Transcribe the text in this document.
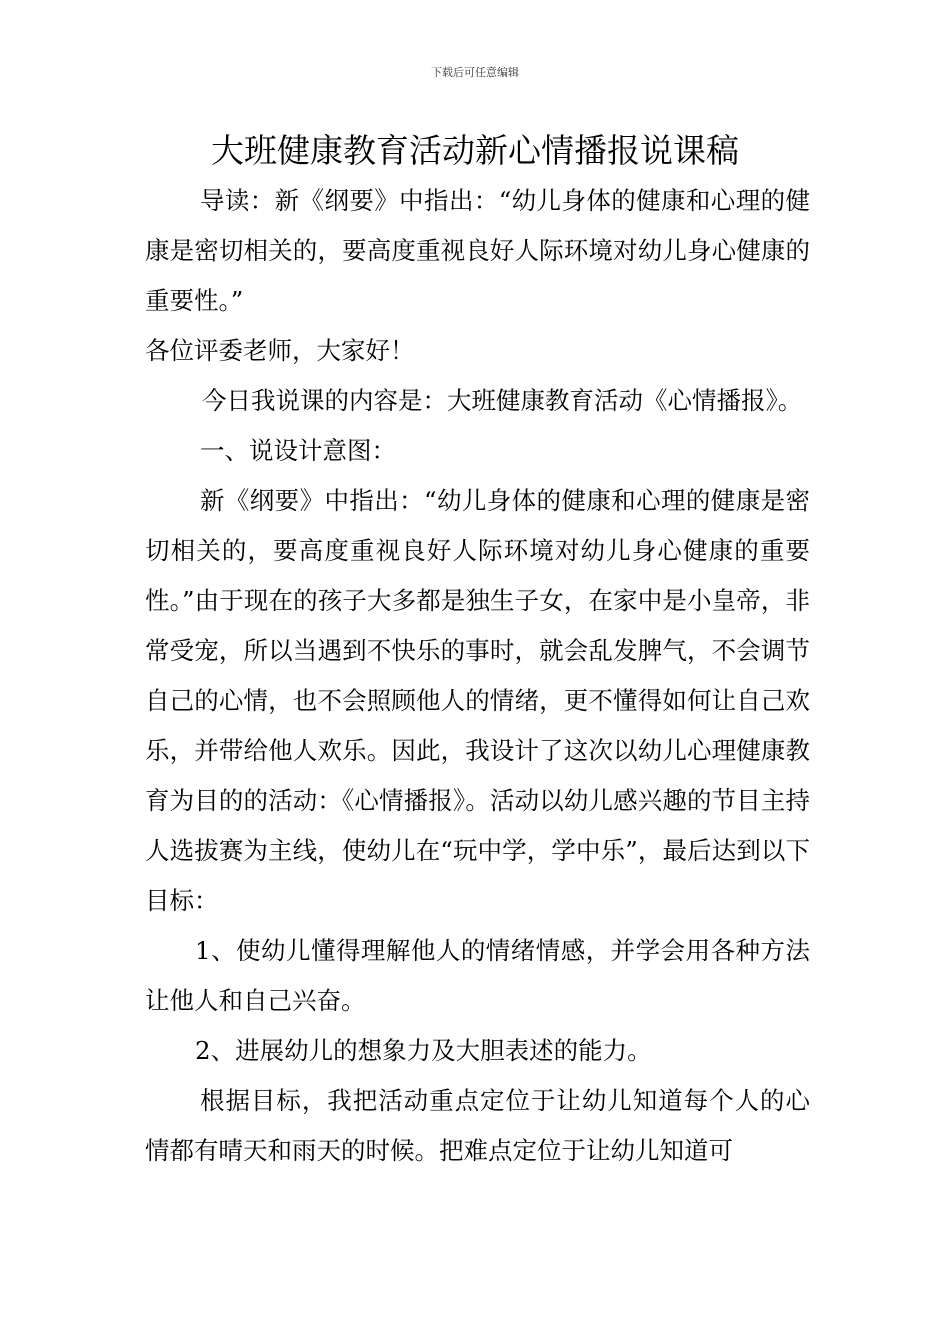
下载后可任意编辑
大班健康教育活动新心情播报说课稿

导读：新《纲要》中指出：“幼儿身体的健康和心理的健康是密切相关的，要高度重视良好人际环境对幼儿身心健康的重要性。”

各位评委老师，大家好！

今日我说课的内容是：大班健康教育活动《心情播报》。

一、说设计意图：

新《纲要》中指出：“幼儿身体的健康和心理的健康是密切相关的，要高度重视良好人际环境对幼儿身心健康的重要性。”由于现在的孩子大多都是独生子女，在家中是小皇帝，非常受宠，所以当遇到不快乐的事时，就会乱发脾气，不会调节自己的心情，也不会照顾他人的情绪，更不懂得如何让自己欢乐，并带给他人欢乐。因此，我设计了这次以幼儿心理健康教育为目的的活动：《心情播报》。活动以幼儿感兴趣的节目主持人选拔赛为主线，使幼儿在“玩中学，学中乐”，最后达到以下目标：

1、使幼儿懂得理解他人的情绪情感，并学会用各种方法让他人和自己兴奋。

2、进展幼儿的想象力及大胆表述的能力。

根据目标，我把活动重点定位于让幼儿知道每个人的心情都有晴天和雨天的时候。把难点定位于让幼儿知道可
